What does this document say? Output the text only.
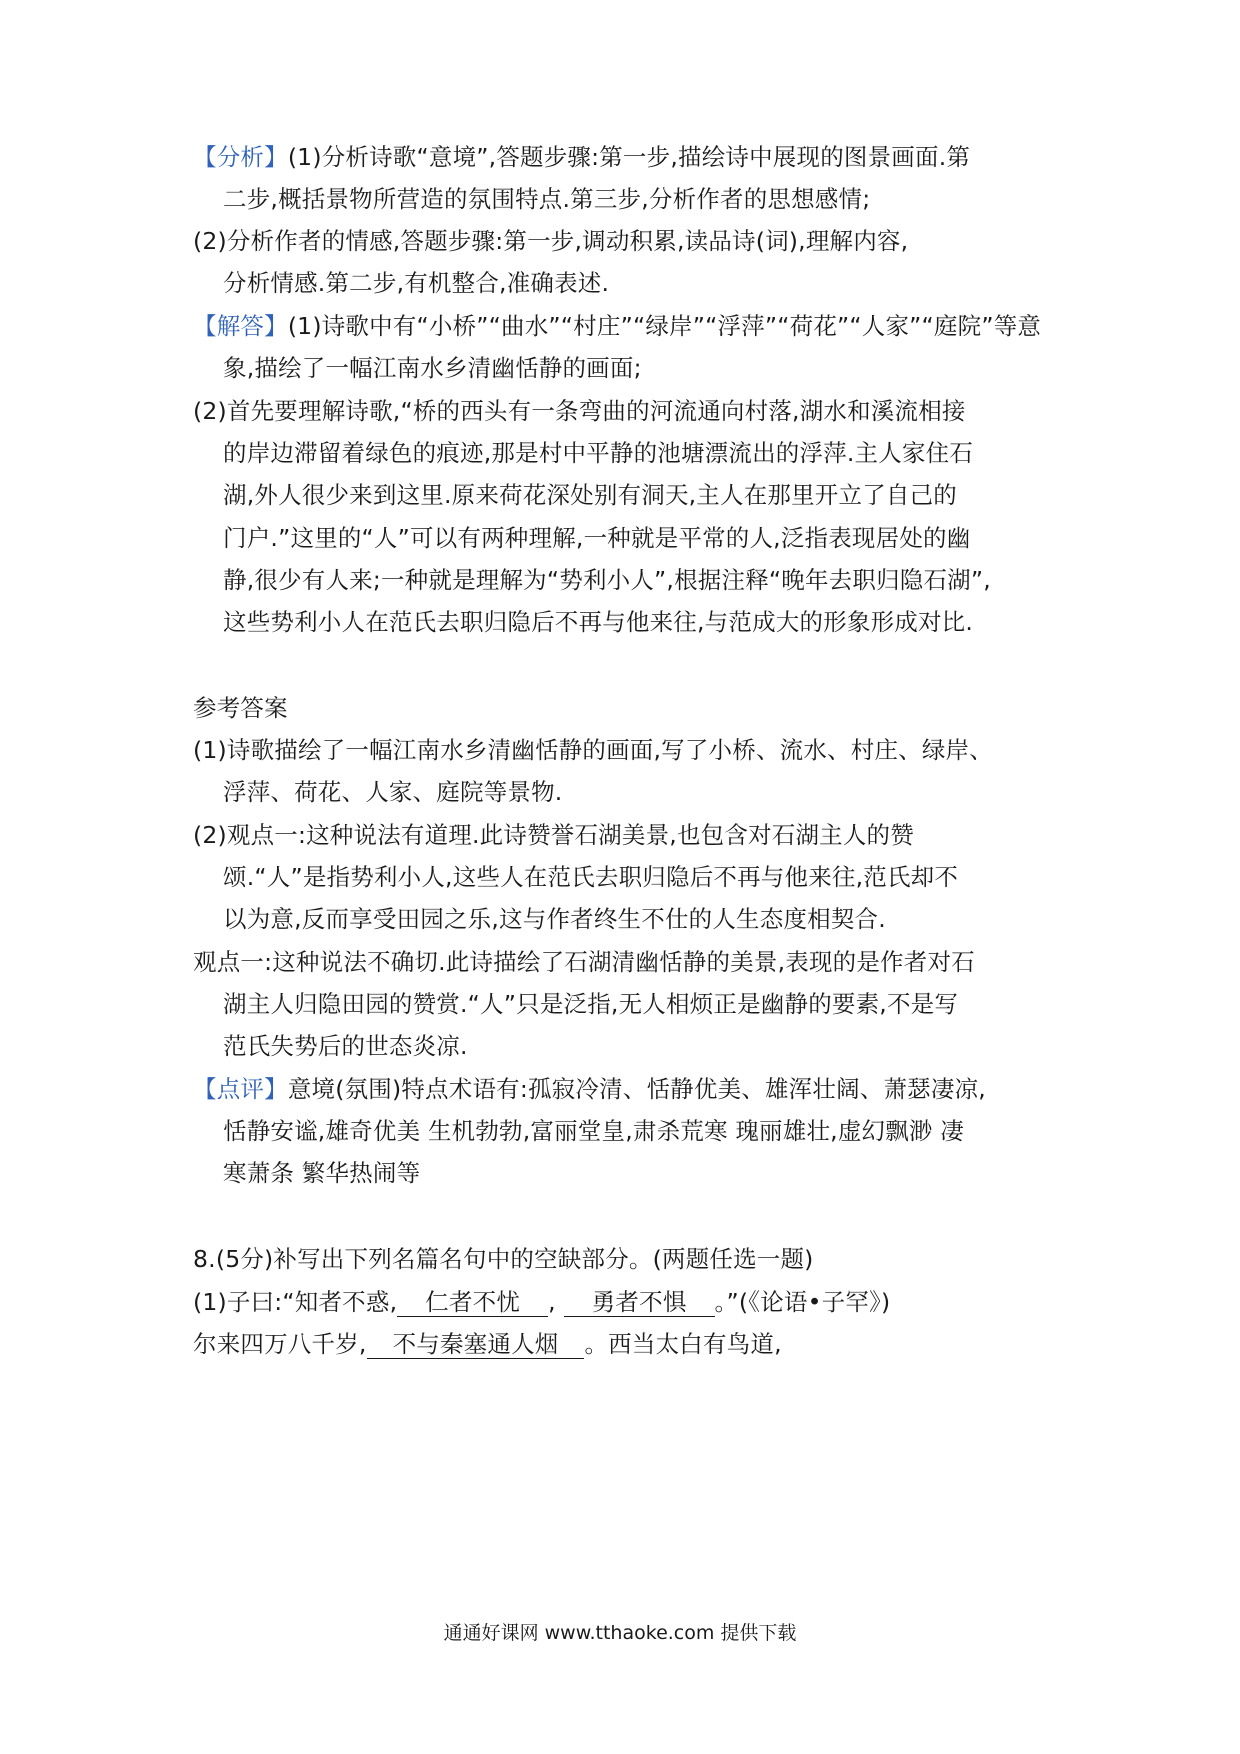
【分析】(1)分析诗歌“意境”,答题步骤:第一步,描绘诗中展现的图景画面.第
二步,概括景物所营造的氛围特点.第三步,分析作者的思想感情;
(2)分析作者的情感,答题步骤:第一步,调动积累,读品诗(词),理解内容,
分析情感.第二步,有机整合,准确表述.
【解答】(1)诗歌中有“小桥”“曲水”“村庄”“绿岸”“浮萍”“荷花”“人家”“庭院”等意
象,描绘了一幅江南水乡清幽恬静的画面;
(2)首先要理解诗歌,“桥的西头有一条弯曲的河流通向村落,湖水和溪流相接
的岸边滞留着绿色的痕迹,那是村中平静的池塘漂流出的浮萍.主人家住石
湖,外人很少来到这里.原来荷花深处别有洞天,主人在那里开立了自己的
门户.”这里的“人”可以有两种理解,一种就是平常的人,泛指表现居处的幽
静,很少有人来;一种就是理解为“势利小人”,根据注释“晚年去职归隐石湖”,
这些势利小人在范氏去职归隐后不再与他来往,与范成大的形象形成对比.
参考答案
(1)诗歌描绘了一幅江南水乡清幽恬静的画面,写了小桥、流水、村庄、绿岸、
浮萍、荷花、人家、庭院等景物.
(2)观点一:这种说法有道理.此诗赞誉石湖美景,也包含对石湖主人的赞
颂.“人”是指势利小人,这些人在范氏去职归隐后不再与他来往,范氏却不
以为意,反而享受田园之乐,这与作者终生不仕的人生态度相契合.
观点一:这种说法不确切.此诗描绘了石湖清幽恬静的美景,表现的是作者对石
湖主人归隐田园的赞赏.“人”只是泛指,无人相烦正是幽静的要素,不是写
范氏失势后的世态炎凉.
【点评】意境(氛围)特点术语有:孤寂冷清、恬静优美、雄浑壮阔、萧瑟凄凉,
恬静安谧,雄奇优美 生机勃勃,富丽堂皇,肃杀荒寒 瑰丽雄壮,虚幻飘渺 凄
寒萧条 繁华热闹等
8.(5分)补写出下列名篇名句中的空缺部分。(两题任选一题)
(1)子曰:“知者不惑, 仁者不忧 , 勇者不惧 。”(《论语•子罕》)
尔来四万八千岁, 不与秦塞通人烟 。西当太白有鸟道,
通通好课网 www.tthaoke.com 提供下载
